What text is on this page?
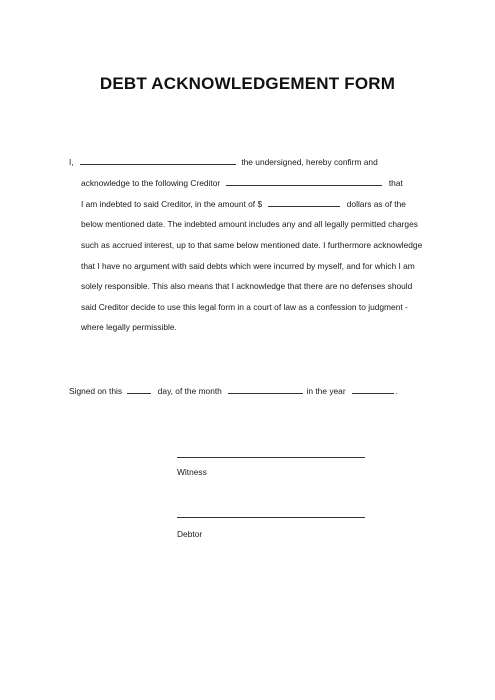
DEBT ACKNOWLEDGEMENT FORM
I,	the undersigned, hereby confirm and
acknowledge to the following Creditor	that
I am indebted to said Creditor, in the amount of $	dollars as of the
below mentioned date. The indebted amount includes any and all legally permitted charges
such as accrued interest, up to that same below mentioned date. I furthermore acknowledge
that I have no argument with said debts which were incurred by myself, and for which I am
solely responsible. This also means that I acknowledge that there are no defenses should
said Creditor decide to use this legal form in a court of law as a confession to judgment -
where legally permissible.
Signed on this	day, of the month	in the year	.
Witness
Debtor
